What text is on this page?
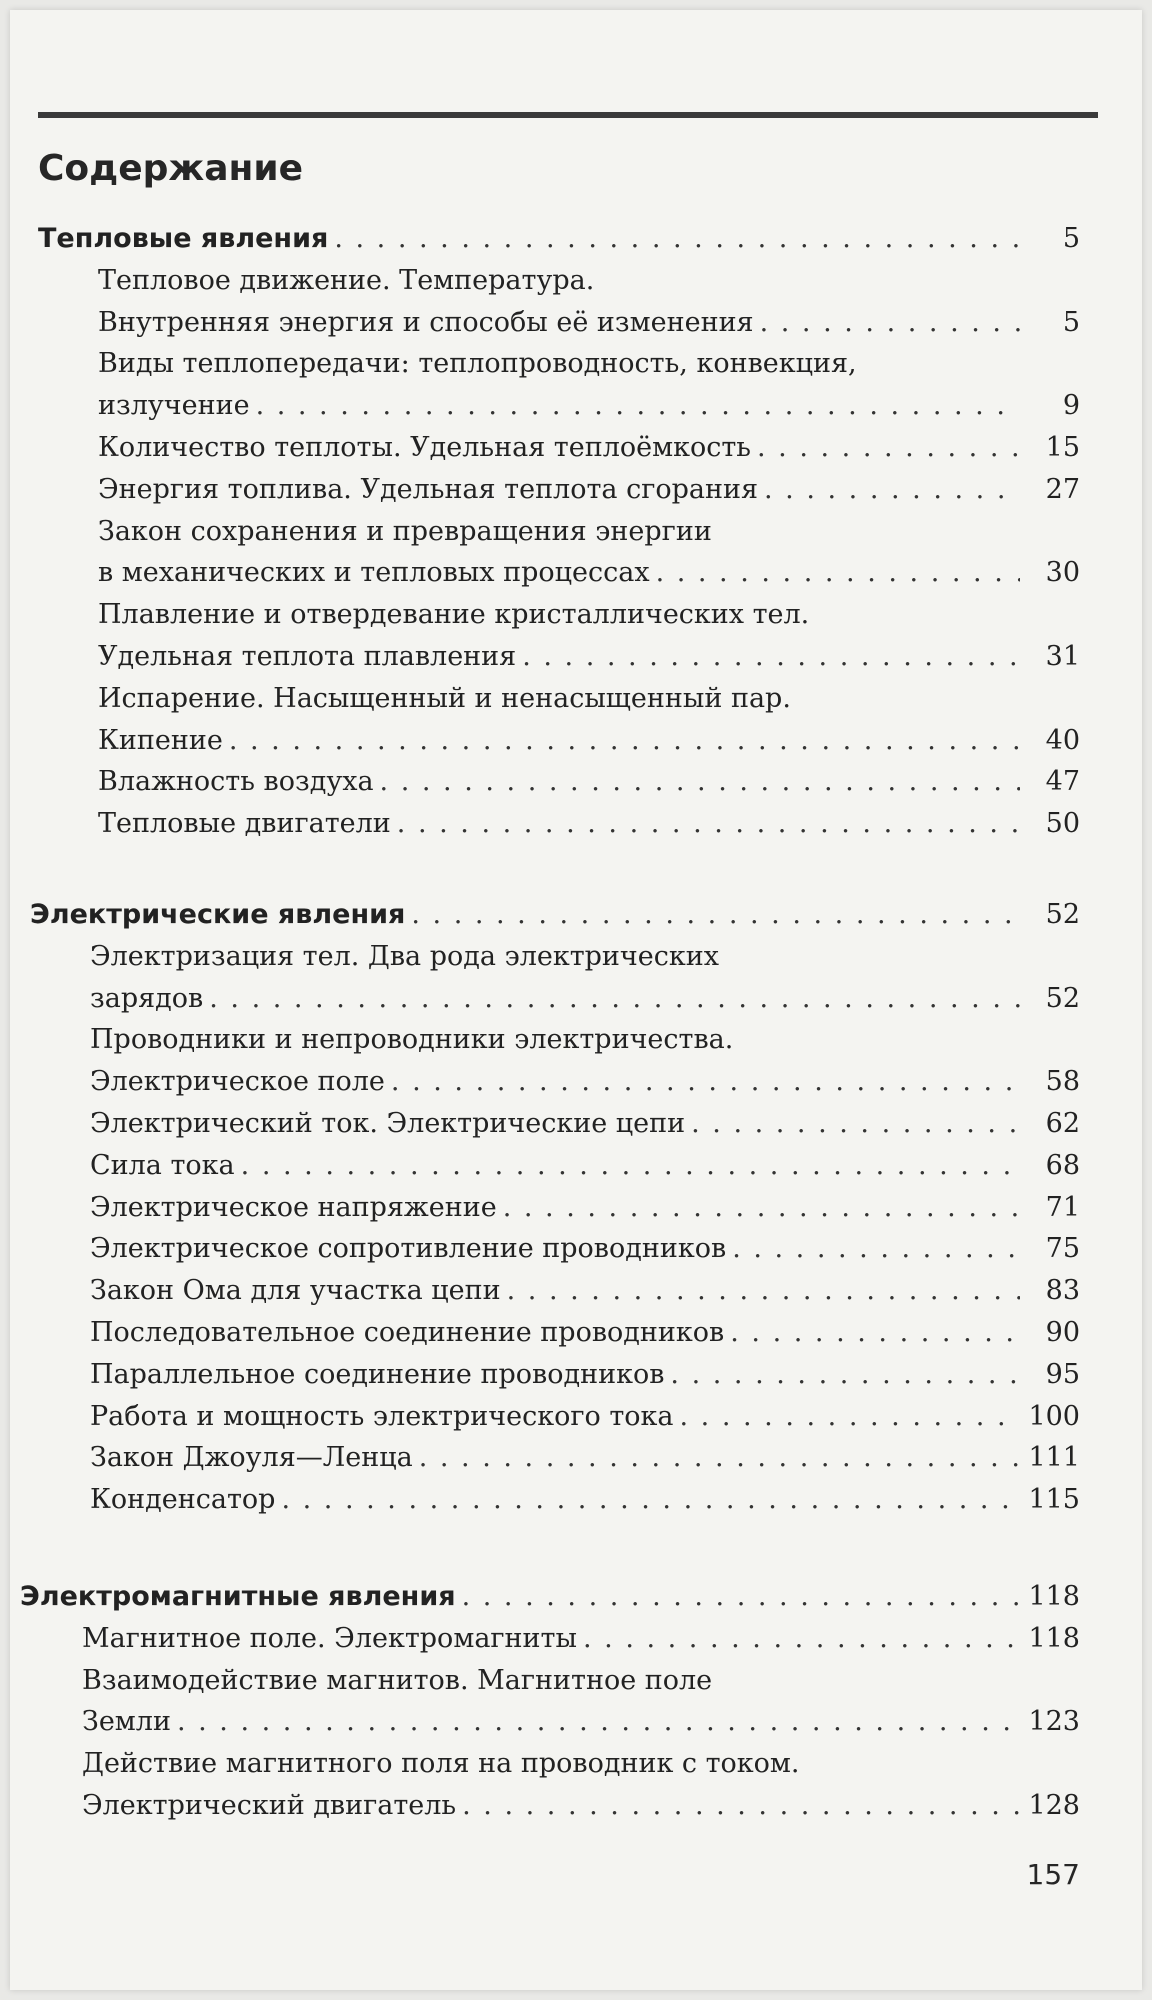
Содержание
Тепловые явления . . .	5
Тепловое движение. Температура.
Внутренняя энергия и способы её изменения . . .	5
Виды теплопередачи: теплопроводность, конвекция,
излучение . . .	9
Количество теплоты. Удельная теплоёмкость . . .	15
Энергия топлива. Удельная теплота сгорания . . .	27
Закон сохранения и превращения энергии
в механических и тепловых процессах . . .	30
Плавление и отвердевание кристаллических тел.
Удельная теплота плавления . . .	31
Испарение. Насыщенный и ненасыщенный пар.
Кипение . . .	40
Влажность воздуха . . .	47
Тепловые двигатели . . .	50
Электрические явления . . .	52
Электризация тел. Два рода электрических
зарядов . . .	52
Проводники и непроводники электричества.
Электрическое поле . . .	58
Электрический ток. Электрические цепи . . .	62
Сила тока . . .	68
Электрическое напряжение . . .	71
Электрическое сопротивление проводников . . .	75
Закон Ома для участка цепи . . .	83
Последовательное соединение проводников . . .	90
Параллельное соединение проводников . . .	95
Работа и мощность электрического тока . . .	100
Закон Джоуля—Ленца . . .	111
Конденсатор . . .	115
Электромагнитные явления . . .	118
Магнитное поле. Электромагниты . . .	118
Взаимодействие магнитов. Магнитное поле
Земли . . .	123
Действие магнитного поля на проводник с током.
Электрический двигатель . . .	128
157
